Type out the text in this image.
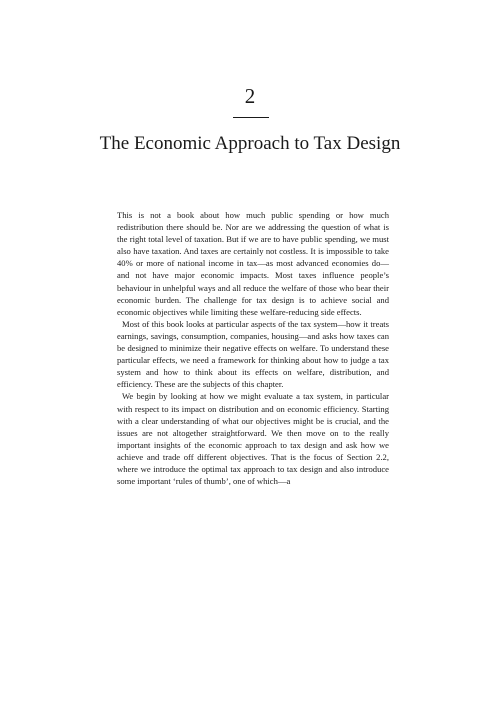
2
The Economic Approach to Tax Design

This is not a book about how much public spending or how much redistribution there should be. Nor are we addressing the question of what is the right total level of taxation. But if we are to have public spending, we must also have taxation. And taxes are certainly not costless. It is impossible to take 40% or more of national income in tax—as most advanced economies do—and not have major economic impacts. Most taxes influence people’s behaviour in unhelpful ways and all reduce the welfare of those who bear their economic burden. The challenge for tax design is to achieve social and economic objectives while limiting these welfare-reducing side effects.

Most of this book looks at particular aspects of the tax system—how it treats earnings, savings, consumption, companies, housing—and asks how taxes can be designed to minimize their negative effects on welfare. To understand these particular effects, we need a framework for thinking about how to judge a tax system and how to think about its effects on welfare, distribution, and efficiency. These are the subjects of this chapter.

We begin by looking at how we might evaluate a tax system, in particular with respect to its impact on distribution and on economic efficiency. Starting with a clear understanding of what our objectives might be is crucial, and the issues are not altogether straightforward. We then move on to the really important insights of the economic approach to tax design and ask how we achieve and trade off different objectives. That is the focus of Section 2.2, where we introduce the optimal tax approach to tax design and also introduce some important ‘rules of thumb’, one of which—a
